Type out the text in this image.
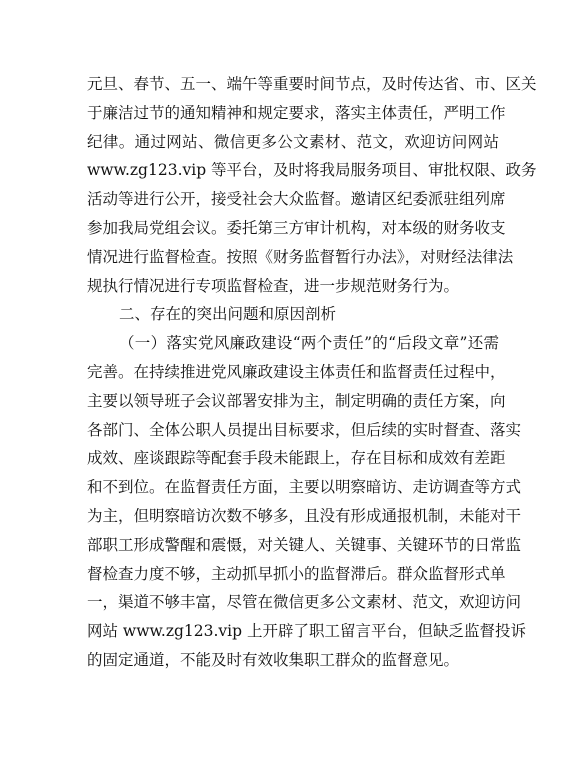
元旦、春节、五一、端午等重要时间节点，及时传达省、市、区关
于廉洁过节的通知精神和规定要求，落实主体责任，严明工作
纪律。通过网站、微信更多公文素材、范文，欢迎访问网站
www.zg123.vip 等平台，及时将我局服务项目、审批权限、政务
活动等进行公开，接受社会大众监督。邀请区纪委派驻组列席
参加我局党组会议。委托第三方审计机构，对本级的财务收支
情况进行监督检查。按照《财务监督暂行办法》，对财经法律法
规执行情况进行专项监督检查，进一步规范财务行为。
二、存在的突出问题和原因剖析
（一）落实党风廉政建设“两个责任”的“后段文章”还需
完善。在持续推进党风廉政建设主体责任和监督责任过程中，
主要以领导班子会议部署安排为主，制定明确的责任方案，向
各部门、全体公职人员提出目标要求，但后续的实时督查、落实
成效、座谈跟踪等配套手段未能跟上，存在目标和成效有差距
和不到位。在监督责任方面，主要以明察暗访、走访调查等方式
为主，但明察暗访次数不够多，且没有形成通报机制，未能对干
部职工形成警醒和震慑，对关键人、关键事、关键环节的日常监
督检查力度不够，主动抓早抓小的监督滞后。群众监督形式单
一，渠道不够丰富，尽管在微信更多公文素材、范文，欢迎访问
网站 www.zg123.vip 上开辟了职工留言平台，但缺乏监督投诉
的固定通道，不能及时有效收集职工群众的监督意见。
